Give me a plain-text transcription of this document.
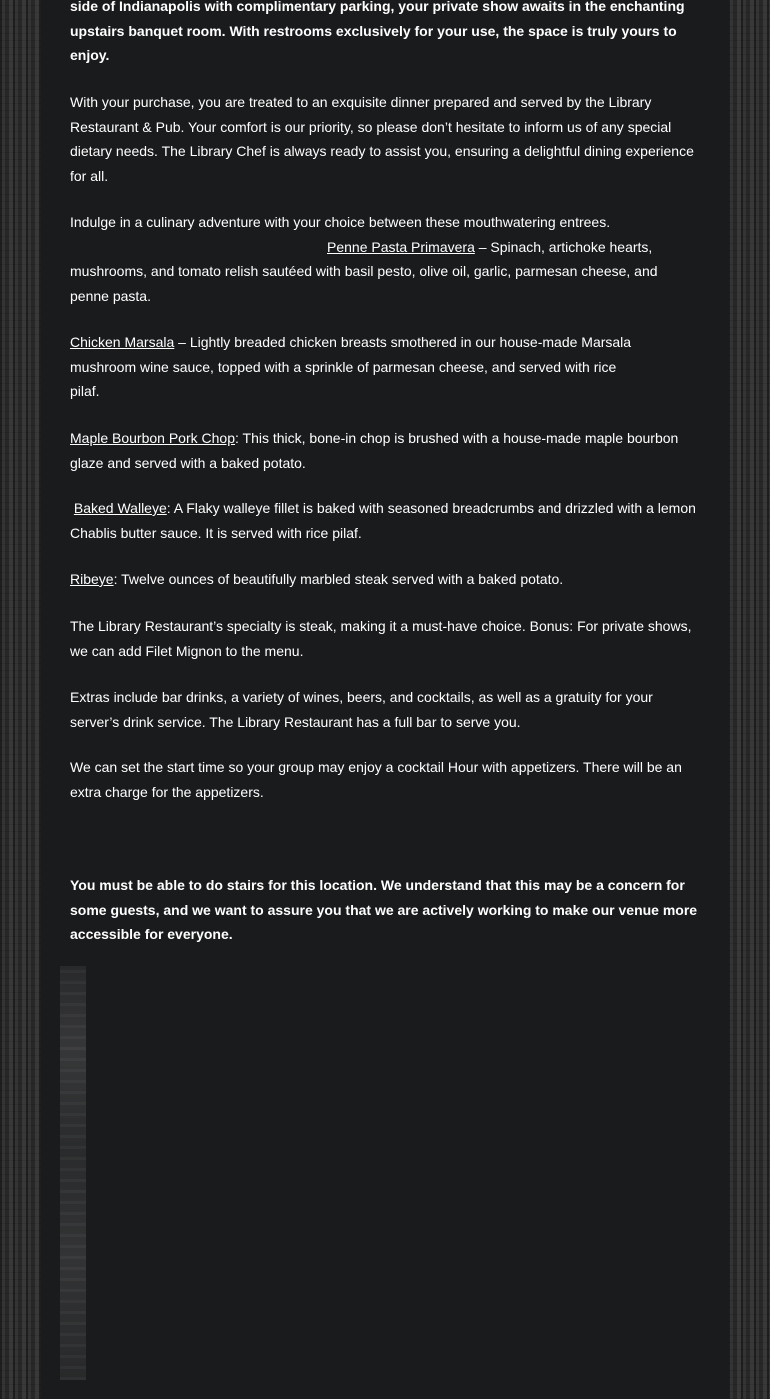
side of Indianapolis with complimentary parking, your private show awaits in the enchanting
upstairs banquet room. With restrooms exclusively for your use, the space is truly yours to
enjoy.

With your purchase, you are treated to an exquisite dinner prepared and served by the Library Restaurant & Pub. Your comfort is our priority, so please don’t hesitate to inform us of any special dietary needs. The Library Chef is always ready to assist you, ensuring a delightful dining experience for all.

Indulge in a culinary adventure with your choice between these mouthwatering entrees.
Penne Pasta Primavera – Spinach, artichoke hearts, mushrooms, and tomato relish sautéed with basil pesto, olive oil, garlic, parmesan cheese, and penne pasta.

Chicken Marsala – Lightly breaded chicken breasts smothered in our house-made Marsala mushroom wine sauce, topped with a sprinkle of parmesan cheese, and served with rice
pilaf.

Maple Bourbon Pork Chop: This thick, bone-in chop is brushed with a house-made maple bourbon glaze and served with a baked potato.

Baked Walleye: A Flaky walleye fillet is baked with seasoned breadcrumbs and drizzled with a lemon Chablis butter sauce. It is served with rice pilaf.

Ribeye: Twelve ounces of beautifully marbled steak served with a baked potato.

The Library Restaurant’s specialty is steak, making it a must-have choice. Bonus: For private shows, we can add Filet Mignon to the menu.

Extras include bar drinks, a variety of wines, beers, and cocktails, as well as a gratuity for your server’s drink service. The Library Restaurant has a full bar to serve you.

We can set the start time so your group may enjoy a cocktail Hour with appetizers. There will be an extra charge for the appetizers.

You must be able to do stairs for this location. We understand that this may be a concern for some guests, and we want to assure you that we are actively working to make our venue more accessible for everyone.
